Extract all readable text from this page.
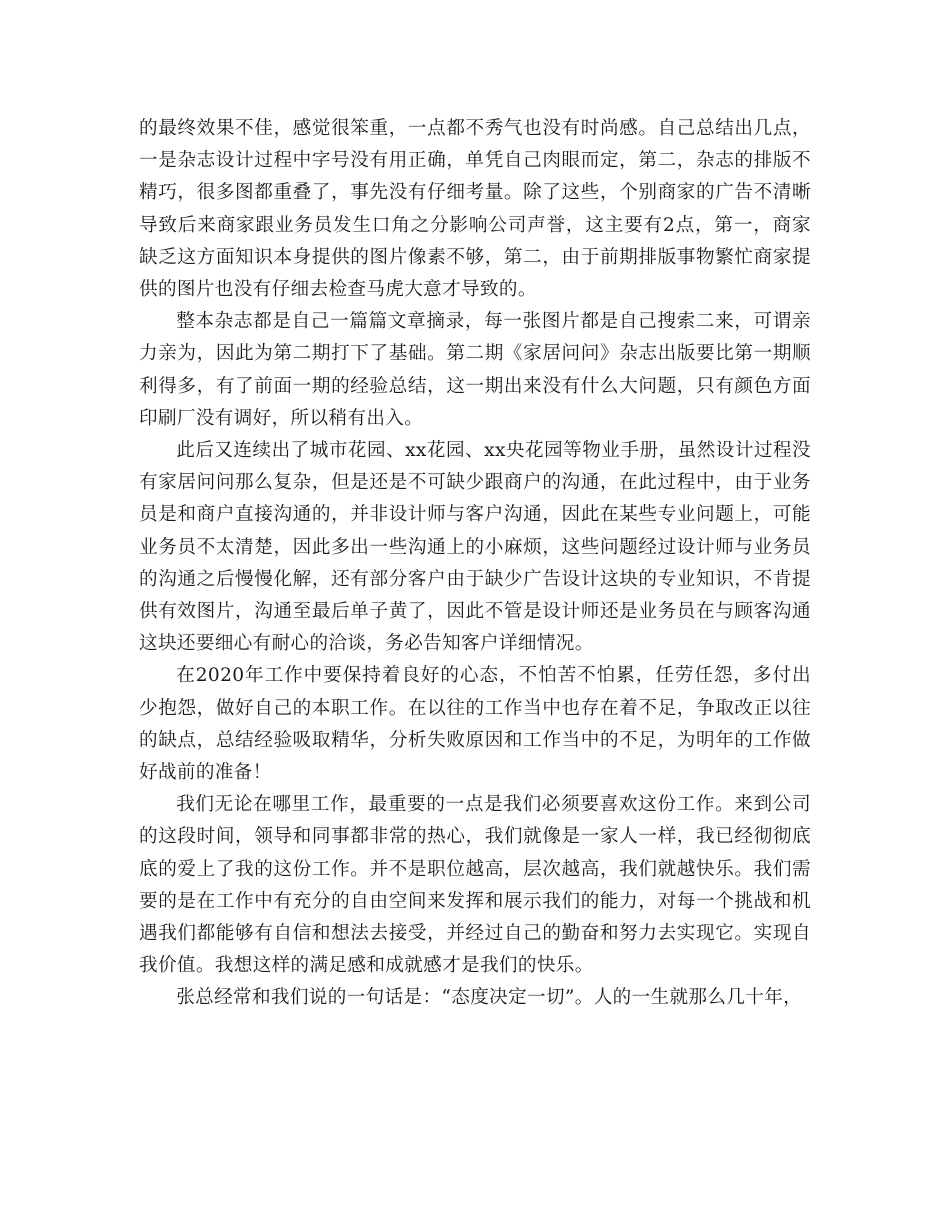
的最终效果不佳，感觉很笨重，一点都不秀气也没有时尚感。自己总结出几点，一是杂志设计过程中字号没有用正确，单凭自己肉眼而定，第二，杂志的排版不精巧，很多图都重叠了，事先没有仔细考量。除了这些，个别商家的广告不清晰导致后来商家跟业务员发生口角之分影响公司声誉，这主要有2点，第一，商家缺乏这方面知识本身提供的图片像素不够，第二，由于前期排版事物繁忙商家提供的图片也没有仔细去检查马虎大意才导致的。

整本杂志都是自己一篇篇文章摘录，每一张图片都是自己搜索二来，可谓亲力亲为，因此为第二期打下了基础。第二期《家居问问》杂志出版要比第一期顺利得多，有了前面一期的经验总结，这一期出来没有什么大问题，只有颜色方面印刷厂没有调好，所以稍有出入。

此后又连续出了城市花园、xx花园、xx央花园等物业手册，虽然设计过程没有家居问问那么复杂，但是还是不可缺少跟商户的沟通，在此过程中，由于业务员是和商户直接沟通的，并非设计师与客户沟通，因此在某些专业问题上，可能业务员不太清楚，因此多出一些沟通上的小麻烦，这些问题经过设计师与业务员的沟通之后慢慢化解，还有部分客户由于缺少广告设计这块的专业知识，不肯提供有效图片，沟通至最后单子黄了，因此不管是设计师还是业务员在与顾客沟通这块还要细心有耐心的洽谈，务必告知客户详细情况。

在2020年工作中要保持着良好的心态，不怕苦不怕累，任劳任怨，多付出少抱怨，做好自己的本职工作。在以往的工作当中也存在着不足，争取改正以往的缺点，总结经验吸取精华，分析失败原因和工作当中的不足，为明年的工作做好战前的准备！

我们无论在哪里工作，最重要的一点是我们必须要喜欢这份工作。来到公司的这段时间，领导和同事都非常的热心，我们就像是一家人一样，我已经彻彻底底的爱上了我的这份工作。并不是职位越高，层次越高，我们就越快乐。我们需要的是在工作中有充分的自由空间来发挥和展示我们的能力，对每一个挑战和机遇我们都能够有自信和想法去接受，并经过自己的勤奋和努力去实现它。实现自我价值。我想这样的满足感和成就感才是我们的快乐。

张总经常和我们说的一句话是：“态度决定一切”。人的一生就那么几十年，
